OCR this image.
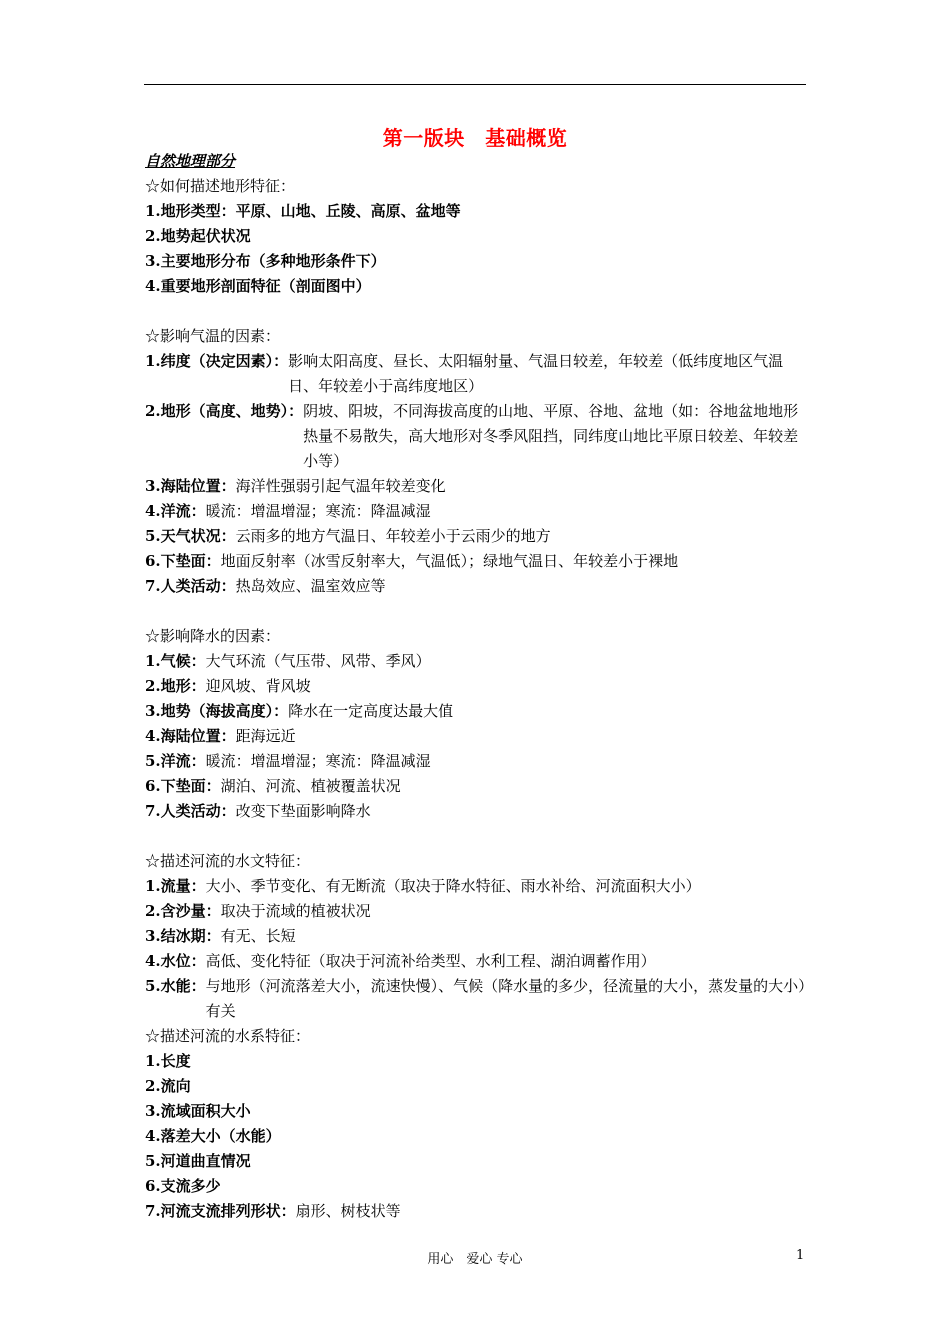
第一版块　基础概览
自然地理部分
☆如何描述地形特征：
1.地形类型：平原、山地、丘陵、高原、盆地等
2.地势起伏状况
3.主要地形分布（多种地形条件下）
4.重要地形剖面特征（剖面图中）
☆影响气温的因素：
1.纬度（决定因素）： 影响太阳高度、昼长、太阳辐射量、气温日较差，年较差（低纬度地区气温日、年较差小于高纬度地区）
2.地形（高度、地势）： 阴坡、阳坡，不同海拔高度的山地、平原、谷地、盆地（如：谷地盆地地形热量不易散失，高大地形对冬季风阻挡，同纬度山地比平原日较差、年较差小等）
3.海陆位置： 海洋性强弱引起气温年较差变化
4.洋流： 暖流：增温增湿；寒流：降温减湿
5.天气状况： 云雨多的地方气温日、年较差小于云雨少的地方
6.下垫面： 地面反射率（冰雪反射率大，气温低）；绿地气温日、年较差小于裸地
7.人类活动： 热岛效应、温室效应等
☆影响降水的因素：
1.气候： 大气环流（气压带、风带、季风）
2.地形： 迎风坡、背风坡
3.地势（海拔高度）： 降水在一定高度达最大值
4.海陆位置： 距海远近
5.洋流： 暖流：增温增湿；寒流：降温减湿
6.下垫面： 湖泊、河流、植被覆盖状况
7.人类活动： 改变下垫面影响降水
☆描述河流的水文特征：
1.流量： 大小、季节变化、有无断流（取决于降水特征、雨水补给、河流面积大小）
2.含沙量： 取决于流域的植被状况
3.结冰期： 有无、长短
4.水位： 高低、变化特征（取决于河流补给类型、水利工程、湖泊调蓄作用）
5.水能： 与地形（河流落差大小，流速快慢）、气候（降水量的多少，径流量的大小，蒸发量的大小）有关
☆描述河流的水系特征：
1.长度
2.流向
3.流域面积大小
4.落差大小（水能）
5.河道曲直情况
6.支流多少
7.河流支流排列形状： 扇形、树枝状等
用心　爱心 专心	1
